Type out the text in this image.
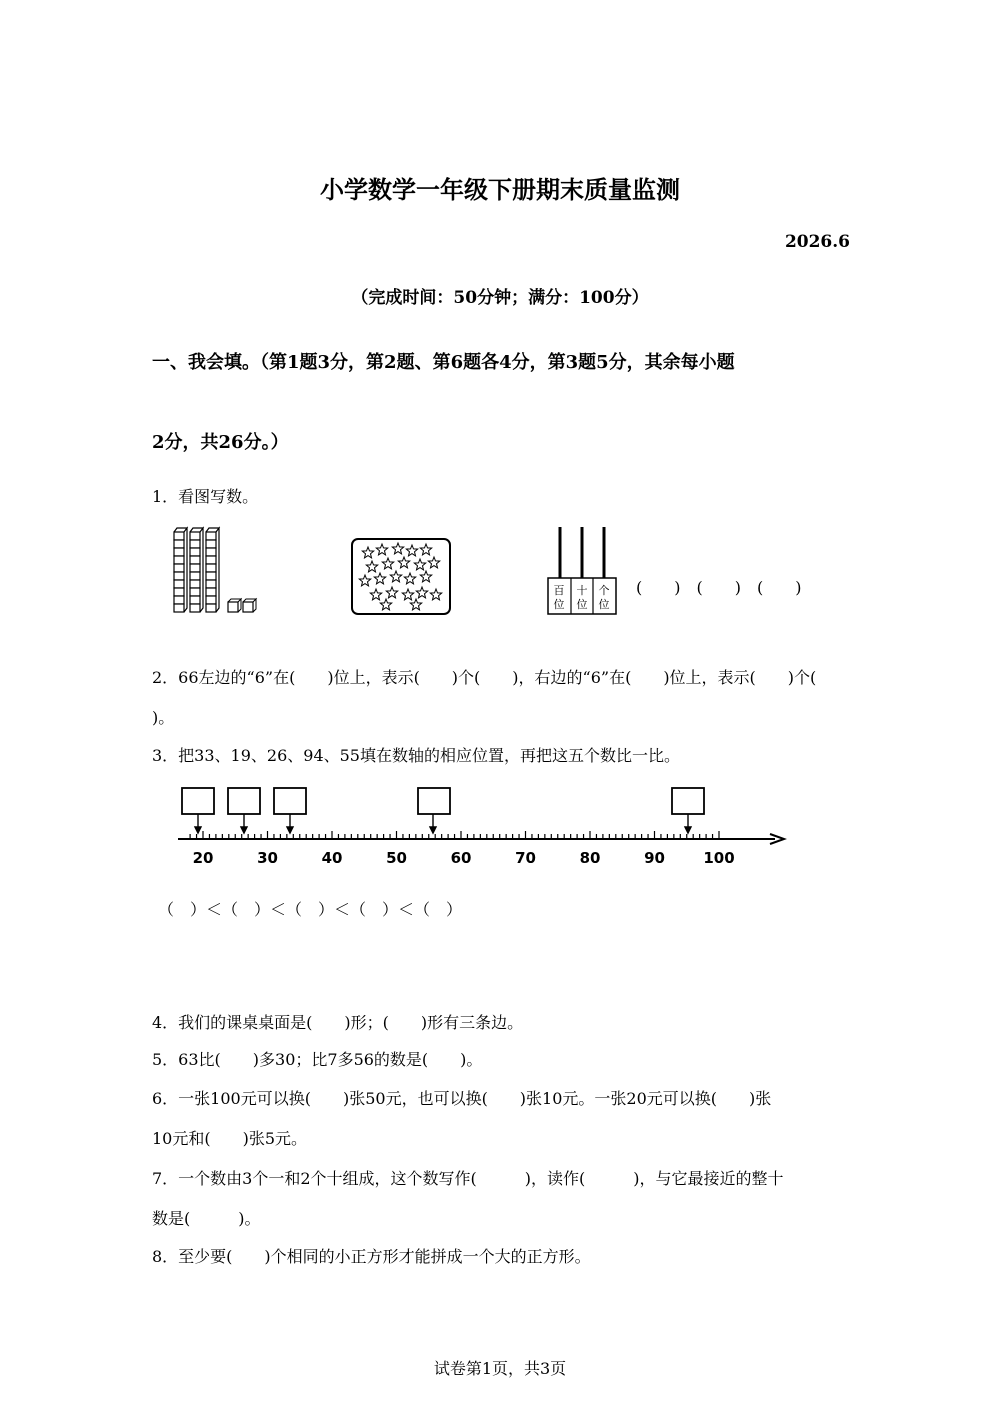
小学数学一年级下册期末质量监测
2026.6
（完成时间：50分钟；满分：100分）
一、我会填。（第1题3分，第2题、第6题各4分，第3题5分，其余每小题
2分，共26分。）
1．看图写数。
百
位
十
位
个
位
(　　)　(　　)　(　　)
2．66左边的“6”在(　　)位上，表示(　　)个(　　)，右边的“6”在(　　)位上，表示(　　)个(
)。
3．把33、19、26、94、55填在数轴的相应位置，再把这五个数比一比。
20	30	40	50	60	70	80	90	100
（　）＜（　）＜（　）＜（　）＜（　）
4．我们的课桌桌面是(　　)形；(　　)形有三条边。
5．63比(　　)多30；比7多56的数是(　　)。
6．一张100元可以换(　　)张50元，也可以换(　　)张10元。一张20元可以换(　　)张
10元和(　　)张5元。
7．一个数由3个一和2个十组成，这个数写作(　　　)，读作(　　　)，与它最接近的整十
数是(　　　)。
8．至少要(　　)个相同的小正方形才能拼成一个大的正方形。
试卷第1页，共3页
